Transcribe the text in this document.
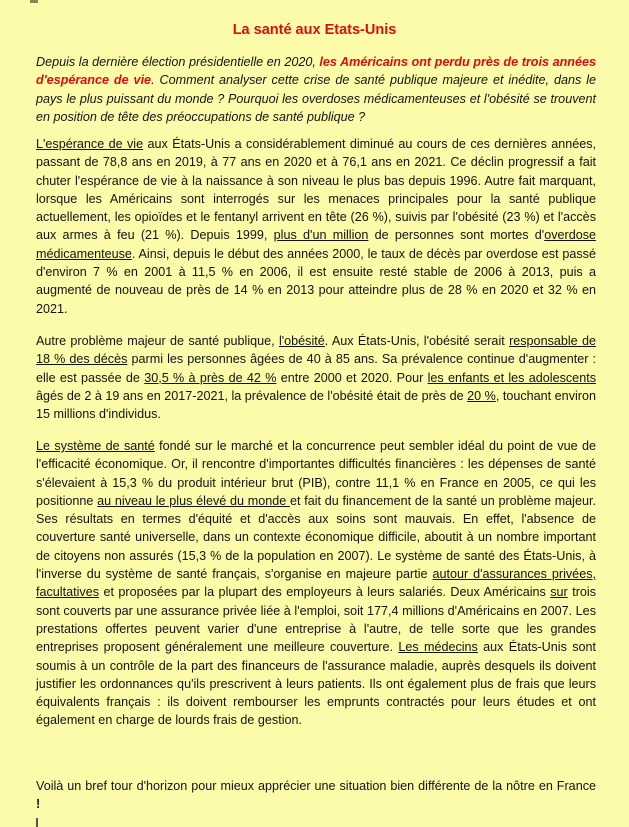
La santé aux Etats-Unis

Depuis la dernière élection présidentielle en 2020, les Américains ont perdu près de trois années d'espérance de vie. Comment analyser cette crise de santé publique majeure et inédite, dans le pays le plus puissant du monde ? Pourquoi les overdoses médicamenteuses et l'obésité se trouvent en position de tête des préoccupations de santé publique ?

L'espérance de vie aux États-Unis a considérablement diminué au cours de ces dernières années, passant de 78,8 ans en 2019, à 77 ans en 2020 et à 76,1 ans en 2021. Ce déclin progressif a fait chuter l'espérance de vie à la naissance à son niveau le plus bas depuis 1996. Autre fait marquant, lorsque les Américains sont interrogés sur les menaces principales pour la santé publique actuellement, les opioïdes et le fentanyl arrivent en tête (26 %), suivis par l'obésité (23 %) et l'accès aux armes à feu (21 %). Depuis 1999, plus d'un million de personnes sont mortes d'overdose médicamenteuse. Ainsi, depuis le début des années 2000, le taux de décès par overdose est passé d'environ 7 % en 2001 à 11,5 % en 2006, il est ensuite resté stable de 2006 à 2013, puis a augmenté de nouveau de près de 14 % en 2013 pour atteindre plus de 28 % en 2020 et 32 % en 2021.

Autre problème majeur de santé publique, l'obésité. Aux États-Unis, l'obésité serait responsable de 18 % des décès parmi les personnes âgées de 40 à 85 ans. Sa prévalence continue d'augmenter : elle est passée de 30,5 % à près de 42 % entre 2000 et 2020. Pour les enfants et les adolescents âgés de 2 à 19 ans en 2017-2021, la prévalence de l'obésité était de près de 20 %, touchant environ 15 millions d'individus.

Le système de santé fondé sur le marché et la concurrence peut sembler idéal du point de vue de l'efficacité économique. Or, il rencontre d'importantes difficultés financières : les dépenses de santé s'élevaient à 15,3 % du produit intérieur brut (PIB), contre 11,1 % en France en 2005, ce qui les positionne au niveau le plus élevé du monde et fait du financement de la santé un problème majeur. Ses résultats en termes d'équité et d'accès aux soins sont mauvais. En effet, l'absence de couverture santé universelle, dans un contexte économique difficile, aboutit à un nombre important de citoyens non assurés (15,3 % de la population en 2007). Le système de santé des États-Unis, à l'inverse du système de santé français, s'organise en majeure partie autour d'assurances privées, facultatives et proposées par la plupart des employeurs à leurs salariés. Deux Américains sur trois sont couverts par une assurance privée liée à l'emploi, soit 177,4 millions d'Américains en 2007. Les prestations offertes peuvent varier d'une entreprise à l'autre, de telle sorte que les grandes entreprises proposent généralement une meilleure couverture. Les médecins aux États-Unis sont soumis à un contrôle de la part des financeurs de l'assurance maladie, auprès desquels ils doivent justifier les ordonnances qu'ils prescrivent à leurs patients. Ils ont également plus de frais que leurs équivalents français : ils doivent rembourser les emprunts contractés pour leurs études et ont également en charge de lourds frais de gestion.

Voilà un bref tour d'horizon pour mieux apprécier une situation bien différente de la nôtre en France !
